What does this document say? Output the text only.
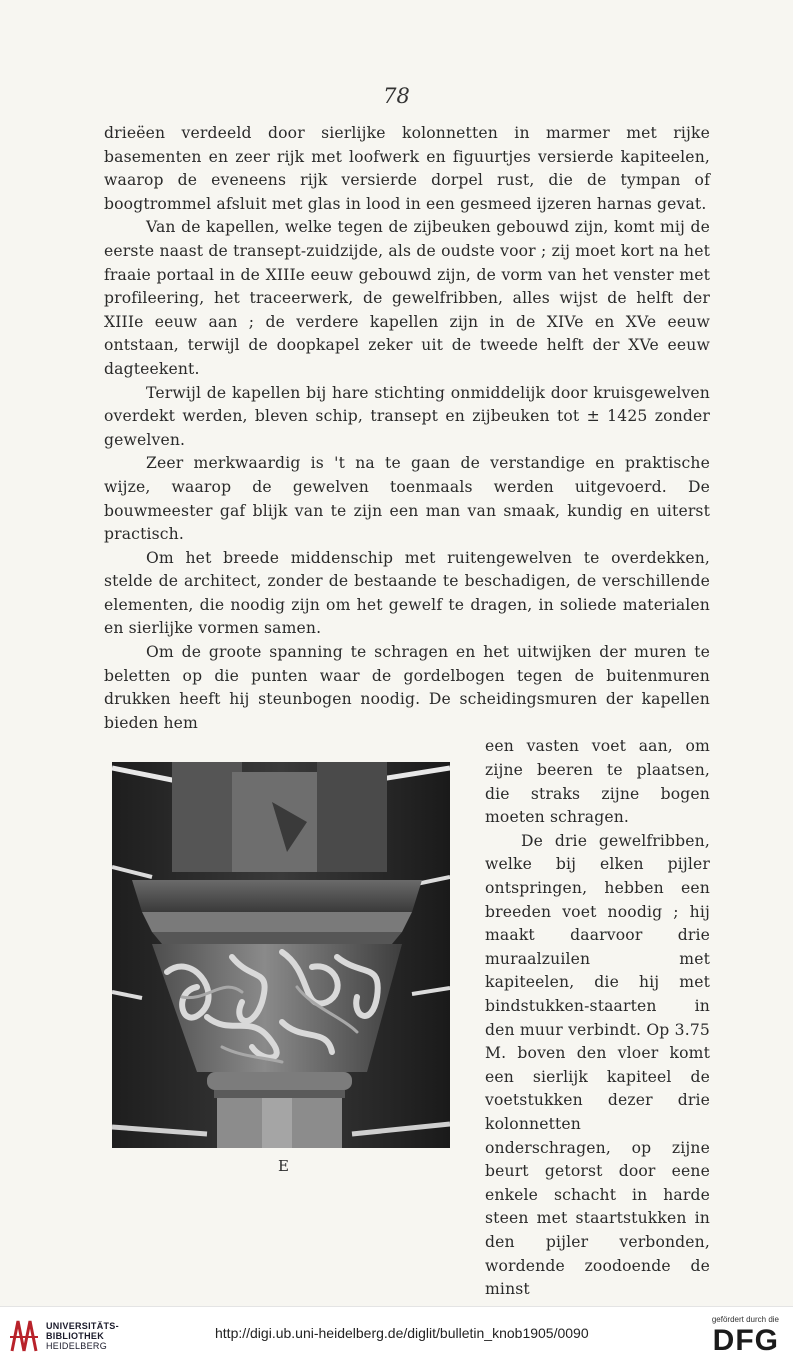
78

drieëen verdeeld door sierlijke kolonnetten in marmer met rijke basementen en zeer rijk met loofwerk en figuurtjes versierde kapiteelen, waarop de eveneens rijk versierde dorpel rust, die de tympan of boogtrommel afsluit met glas in lood in een gesmeed ijzeren harnas gevat.

Van de kapellen, welke tegen de zijbeuken gebouwd zijn, komt mij de eerste naast de transept-zuidzijde, als de oudste voor ; zij moet kort na het fraaie portaal in de XIIIe eeuw gebouwd zijn, de vorm van het venster met profileering, het traceerwerk, de gewelfribben, alles wijst de helft der XIIIe eeuw aan ; de verdere kapellen zijn in de XIVe en XVe eeuw ontstaan, terwijl de doopkapel zeker uit de tweede helft der XVe eeuw dagteekent.

Terwijl de kapellen bij hare stichting onmiddelijk door kruisgewelven overdekt werden, bleven schip, transept en zijbeuken tot ± 1425 zonder gewelven.

Zeer merkwaardig is 't na te gaan de verstandige en praktische wijze, waarop de gewelven toenmaals werden uitgevoerd. De bouwmeester gaf blijk van te zijn een man van smaak, kundig en uiterst practisch.

Om het breede middenschip met ruitengewelven te overdekken, stelde de architect, zonder de bestaande te beschadigen, de verschillende elementen, die noodig zijn om het gewelf te dragen, in soliede materialen en sierlijke vormen samen.

Om de groote spanning te schragen en het uitwijken der muren te beletten op die punten waar de gordelbogen tegen de buitenmuren drukken heeft hij steunbogen noodig. De scheidingsmuren der kapellen bieden hem

E

een vasten voet aan, om zijne beeren te plaatsen, die straks zijne bogen moeten schragen.

De drie gewelfribben, welke bij elken pijler ontspringen, hebben een breeden voet noodig ; hij maakt daarvoor drie muraalzuilen met kapiteelen, die hij met bindstukken-staarten in den muur verbindt. Op 3.75 M. boven den vloer komt een sierlijk kapiteel de voetstukken dezer drie kolonnetten onderschragen, op zijne beurt getorst door eene enkele schacht in harde steen met staartstukken in den pijler verbonden, wordende zoodoende de minst

UNIVERSITÄTS-
BIBLIOTHEK
HEIDELBERG
http://digi.ub.uni-heidelberg.de/diglit/bulletin_knob1905/0090
gefördert durch die
DFG
